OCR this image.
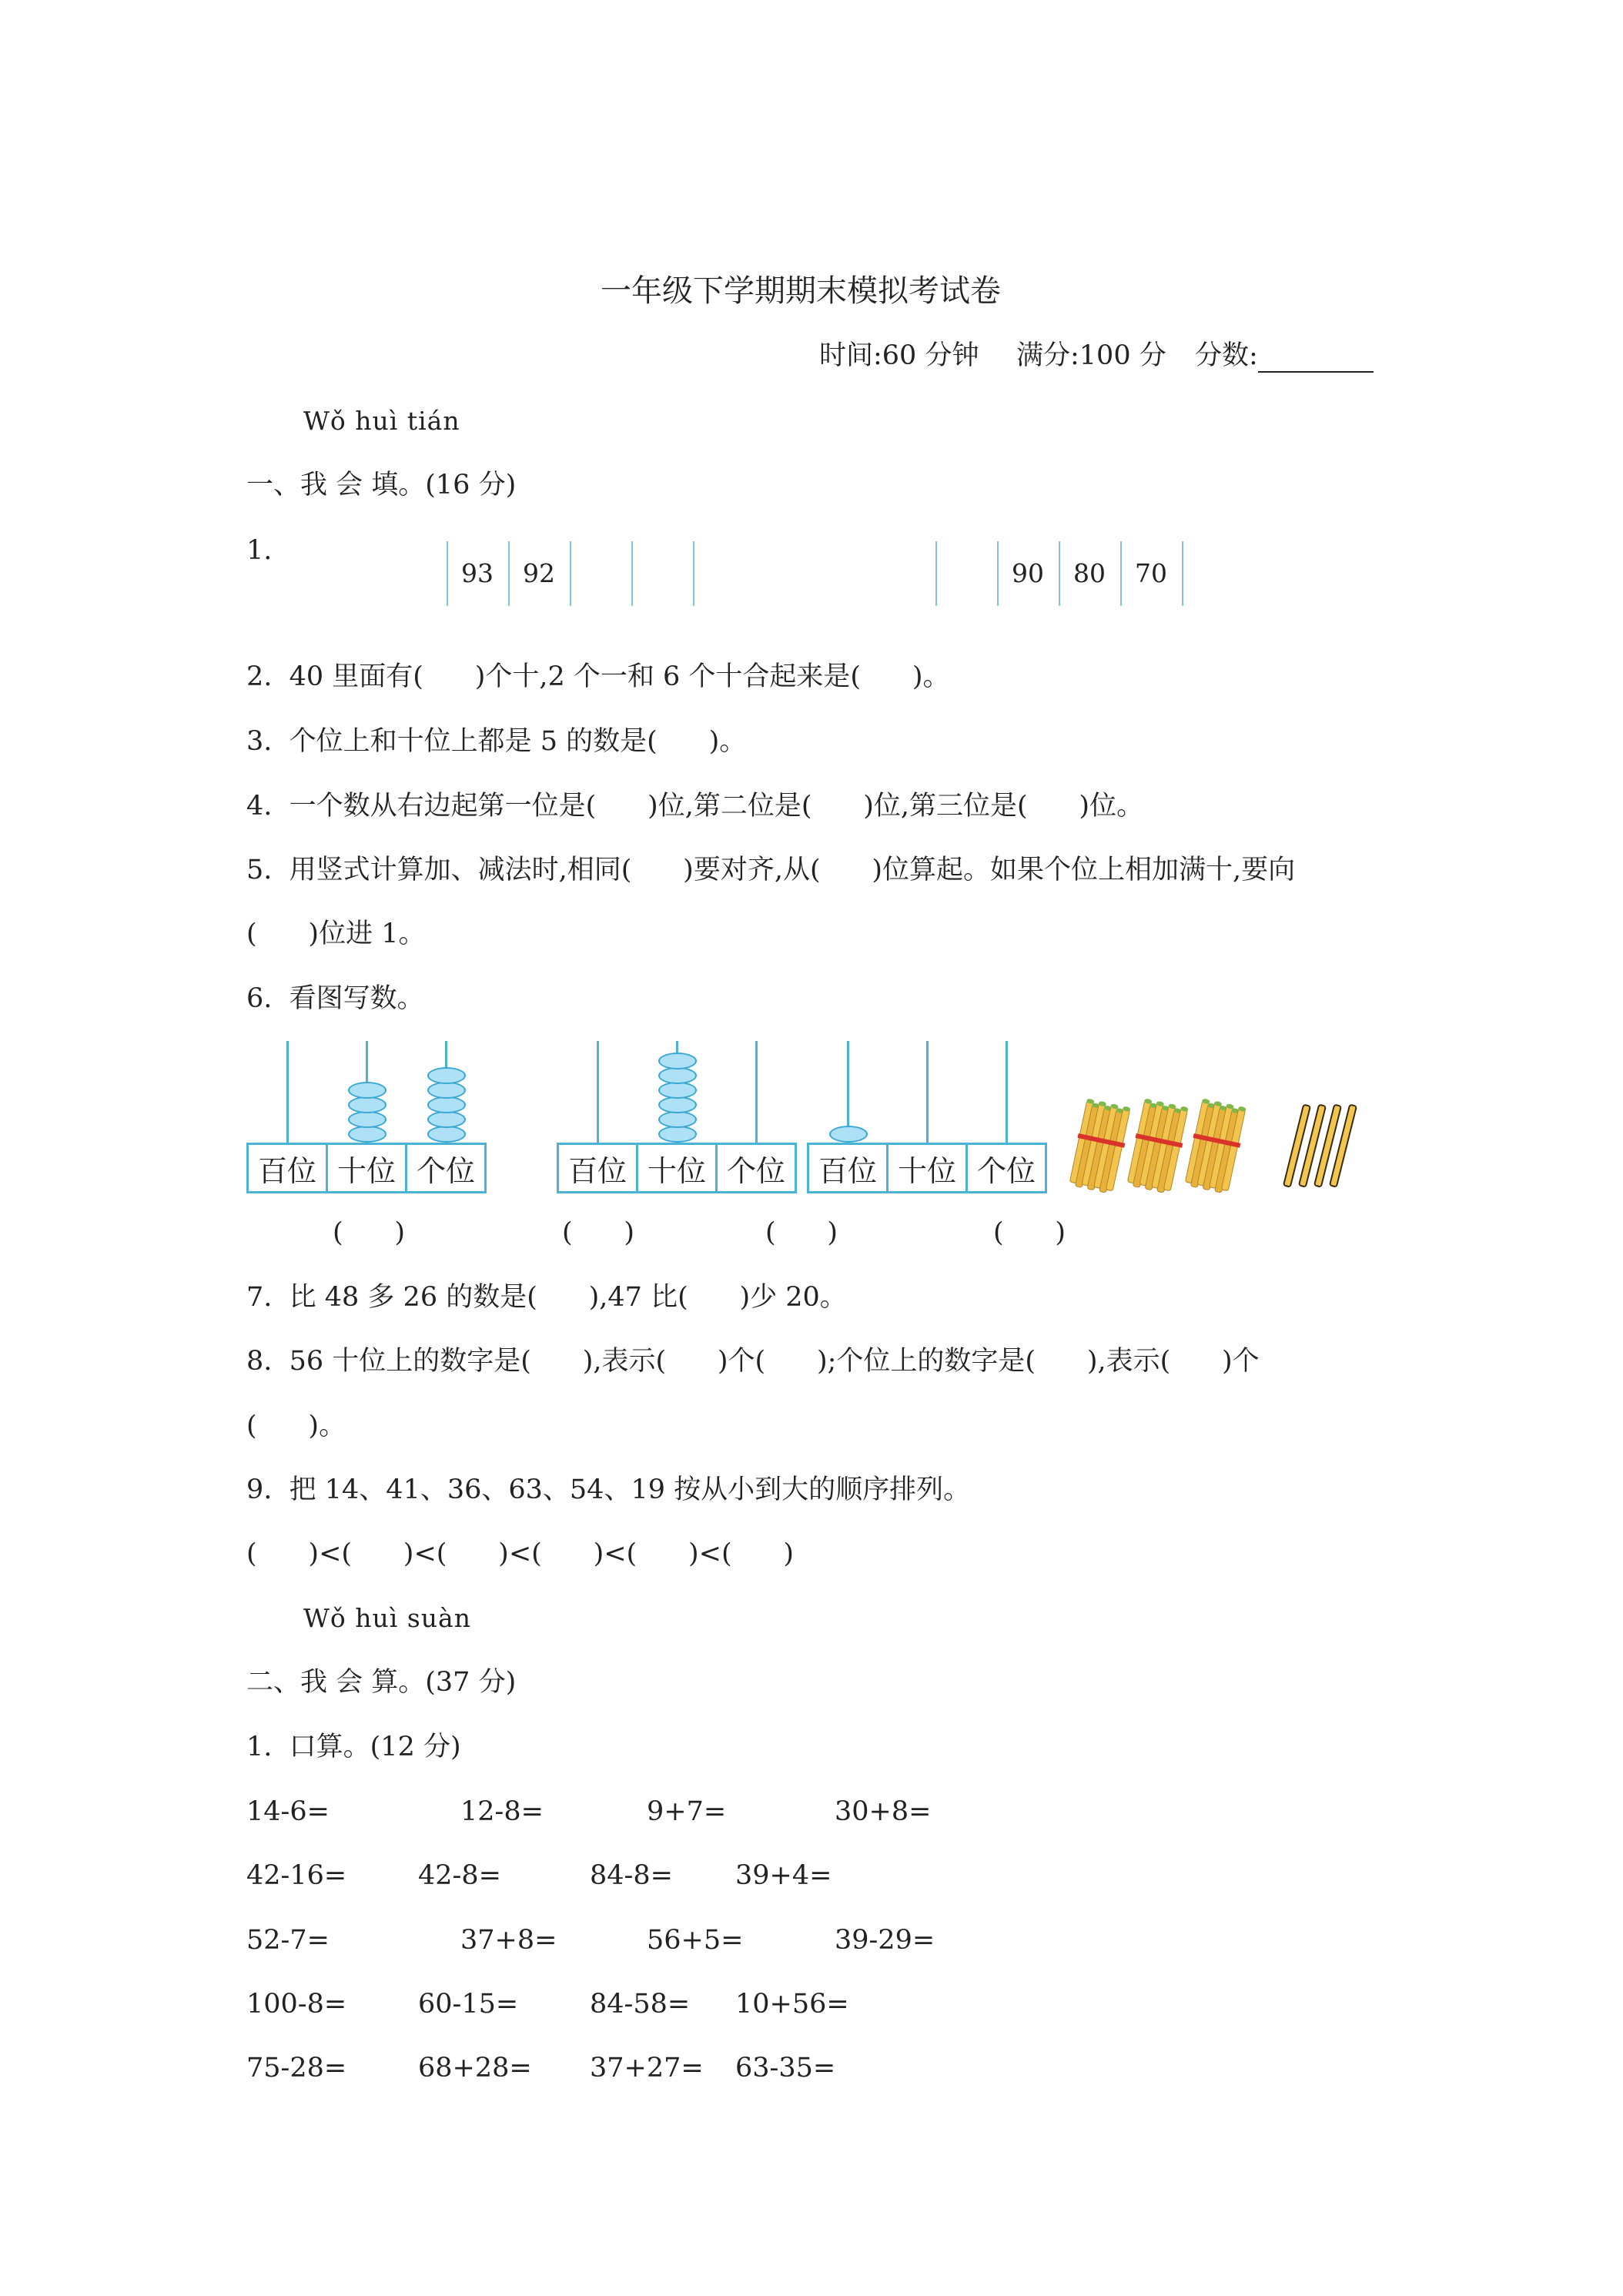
一年级下学期期末模拟考试卷
时间:60 分钟 满分:100 分 分数:
Wǒ huì tián
一、我 会 填。(16 分)
1.
93	92	90	80	70
2.  40 里面有(      )个十,2 个一和 6 个十合起来是(      )。
3.  个位上和十位上都是 5 的数是(      )。
4.  一个数从右边起第一位是(      )位,第二位是(      )位,第三位是(      )位。
5.  用竖式计算加、减法时,相同(      )要对齐,从(      )位算起。如果个位上相加满十,要向
(      )位进 1。
6.  看图写数。
百位 十位 个位	百位 十位 个位	百位 十位 个位
(      )	(      )	(      )	(      )
7.  比 48 多 26 的数是(      ),47 比(      )少 20。
8.  56 十位上的数字是(      ),表示(      )个(      );个位上的数字是(      ),表示(      )个
(      )。
9.  把 14、41、36、63、54、19 按从小到大的顺序排列。
(      )<(      )<(      )<(      )<(      )<(      )
Wǒ huì suàn
二、我 会 算。(37 分)
1.  口算。(12 分)
14-6=	12-8=	9+7=	30+8=
42-16=	42-8=	84-8= 39+4=
52-7=	37+8=	56+5=	39-29=
100-8=	60-15=	84-58= 10+56=
75-28=	68+28= 37+27= 63-35=
